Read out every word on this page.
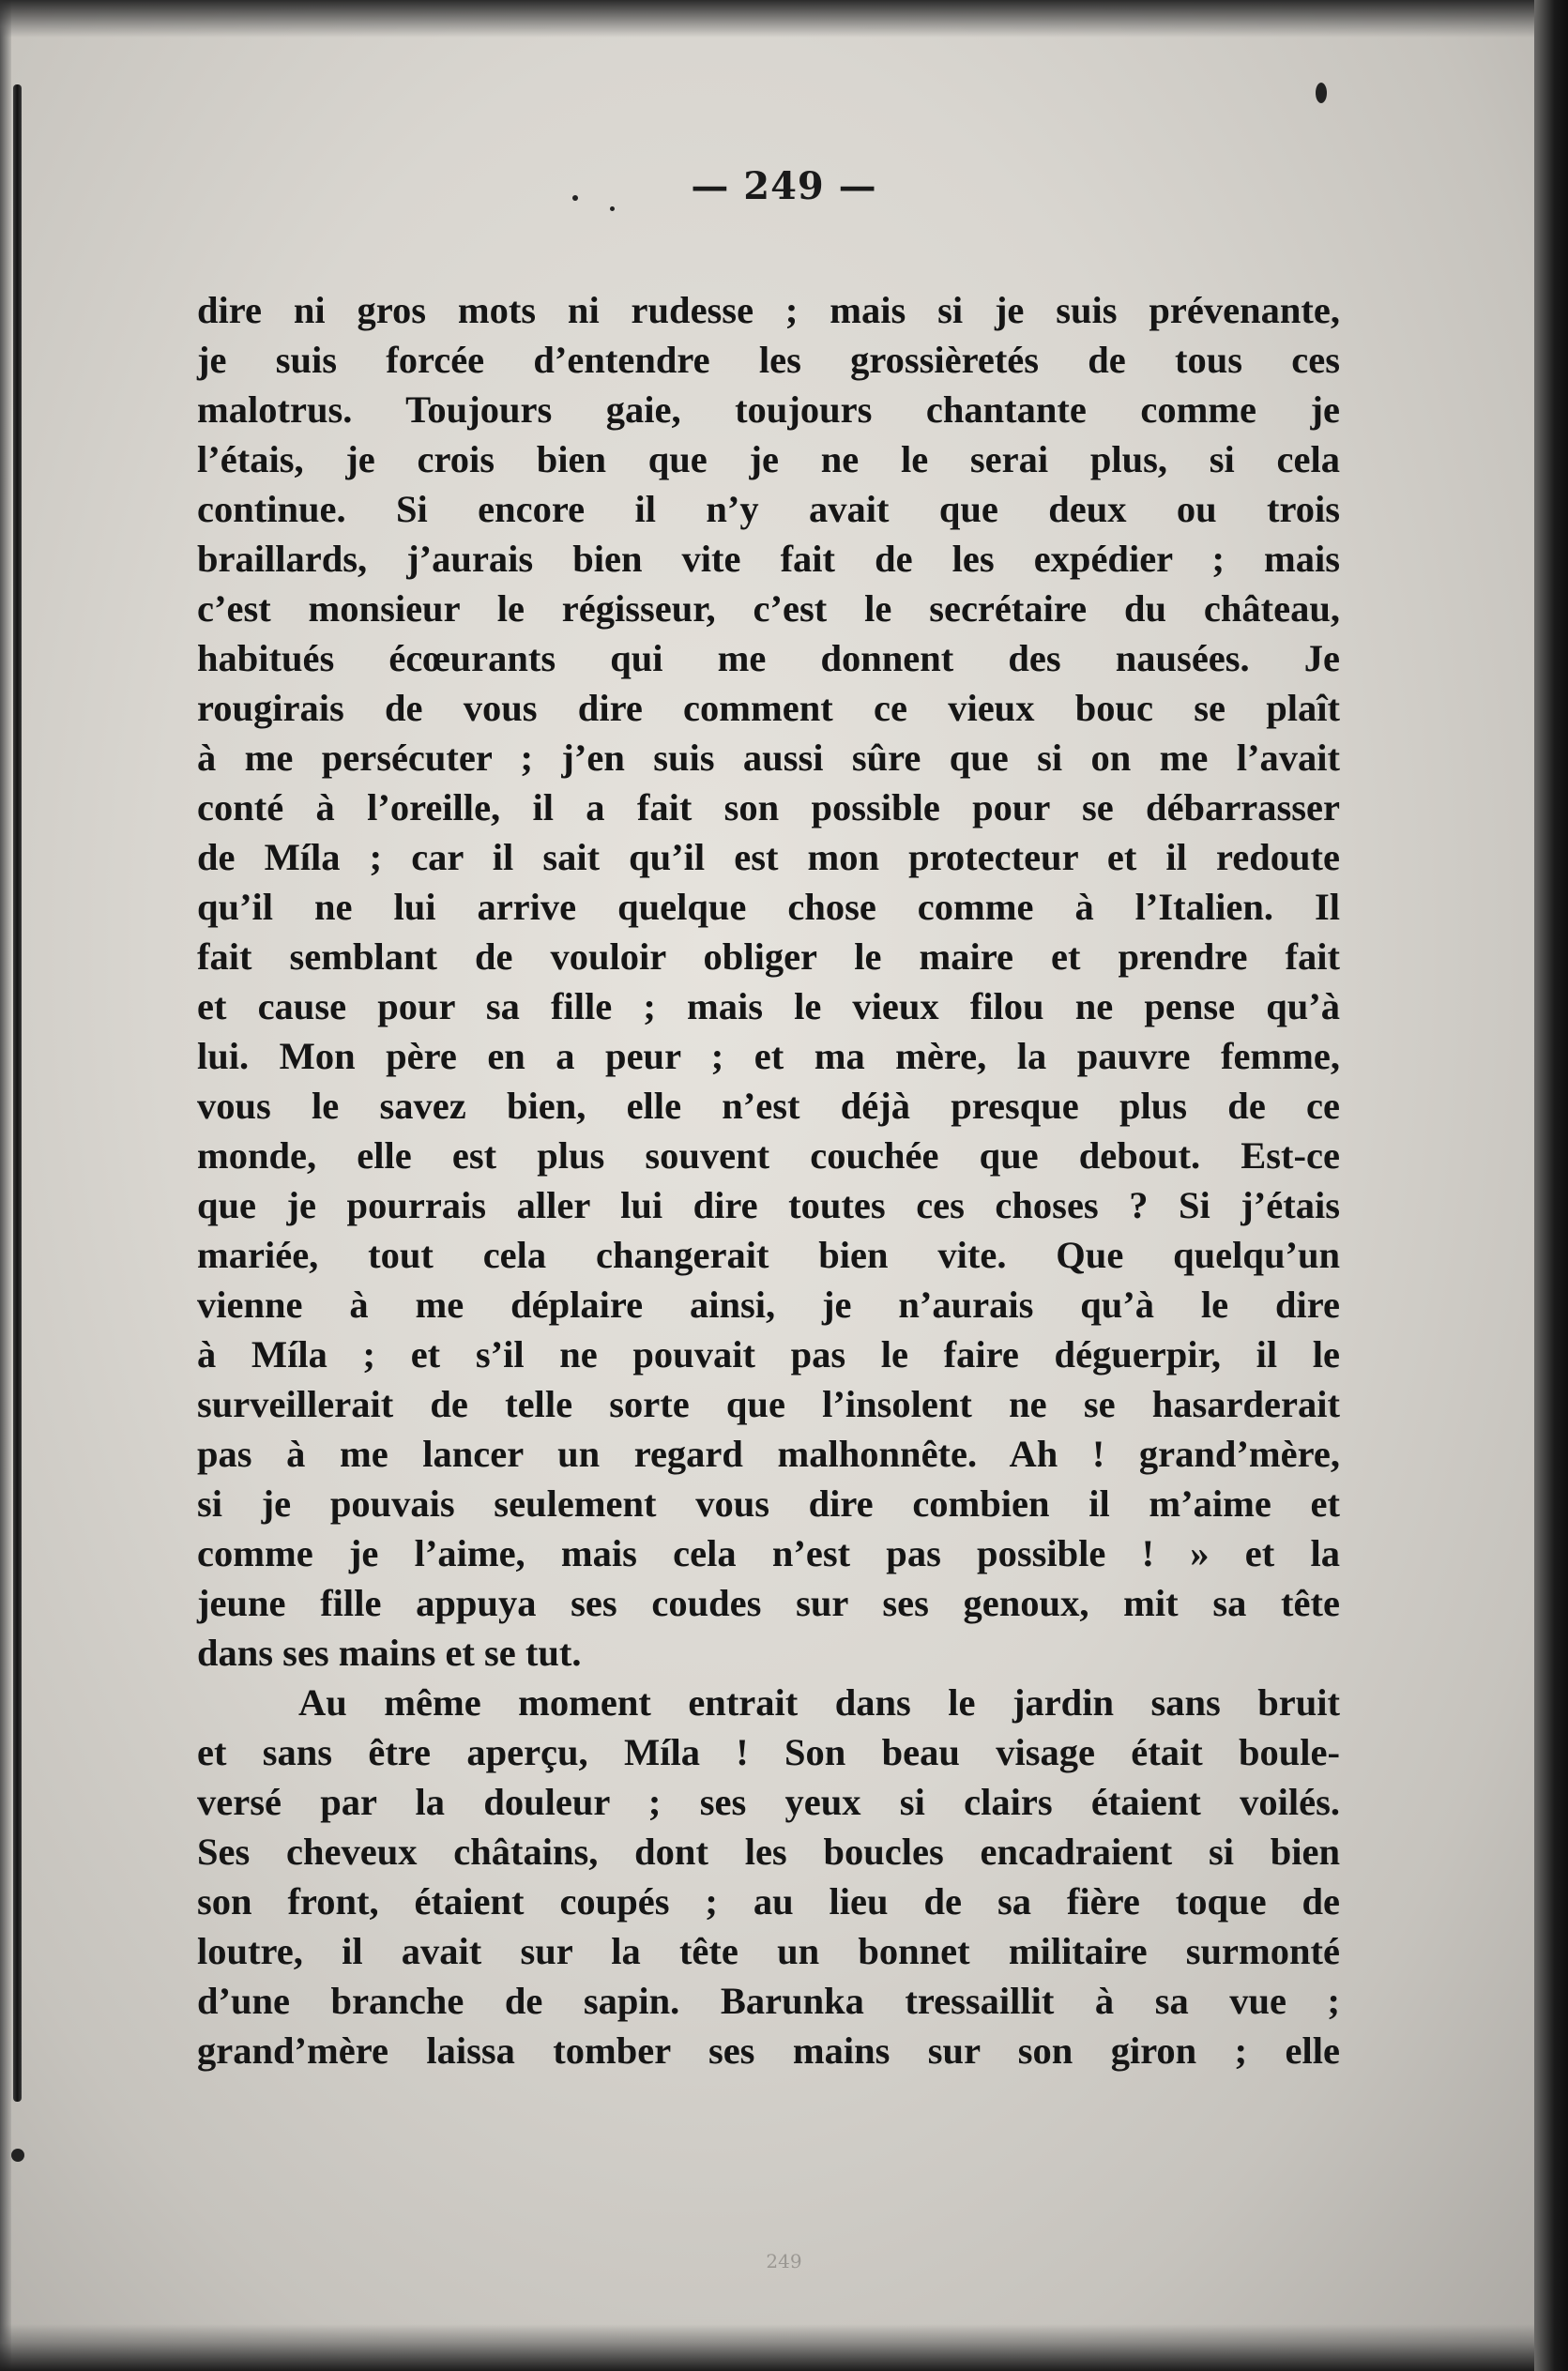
— 249 —

dire ni gros mots ni rudesse ; mais si je suis prévenante,

je suis forcée d’entendre les grossièretés de tous ces

malotrus. Toujours gaie, toujours chantante comme je

l’étais, je crois bien que je ne le serai plus, si cela

continue. Si encore il n’y avait que deux ou trois

braillards, j’aurais bien vite fait de les expédier ; mais

c’est monsieur le régisseur, c’est le secrétaire du château,

habitués écœurants qui me donnent des nausées. Je

rougirais de vous dire comment ce vieux bouc se plaît

à me persécuter ; j’en suis aussi sûre que si on me l’avait

conté à l’oreille, il a fait son possible pour se débarrasser

de Míla ; car il sait qu’il est mon protecteur et il redoute

qu’il ne lui arrive quelque chose comme à l’Italien. Il

fait semblant de vouloir obliger le maire et prendre fait

et cause pour sa fille ; mais le vieux filou ne pense qu’à

lui. Mon père en a peur ; et ma mère, la pauvre femme,

vous le savez bien, elle n’est déjà presque plus de ce

monde, elle est plus souvent couchée que debout. Est-ce

que je pourrais aller lui dire toutes ces choses ? Si j’étais

mariée, tout cela changerait bien vite. Que quelqu’un

vienne à me déplaire ainsi, je n’aurais qu’à le dire

à Míla ; et s’il ne pouvait pas le faire déguerpir, il le

surveillerait de telle sorte que l’insolent ne se hasarderait

pas à me lancer un regard malhonnête. Ah ! grand’mère,

si je pouvais seulement vous dire combien il m’aime et

comme je l’aime, mais cela n’est pas possible ! » et la

jeune fille appuya ses coudes sur ses genoux, mit sa tête

dans ses mains et se tut.

Au même moment entrait dans le jardin sans bruit

et sans être aperçu, Míla ! Son beau visage était boule-

versé par la douleur ; ses yeux si clairs étaient voilés.

Ses cheveux châtains, dont les boucles encadraient si bien

son front, étaient coupés ; au lieu de sa fière toque de

loutre, il avait sur la tête un bonnet militaire surmonté

d’une branche de sapin. Barunka tressaillit à sa vue ;

grand’mère laissa tomber ses mains sur son giron ; elle

249
